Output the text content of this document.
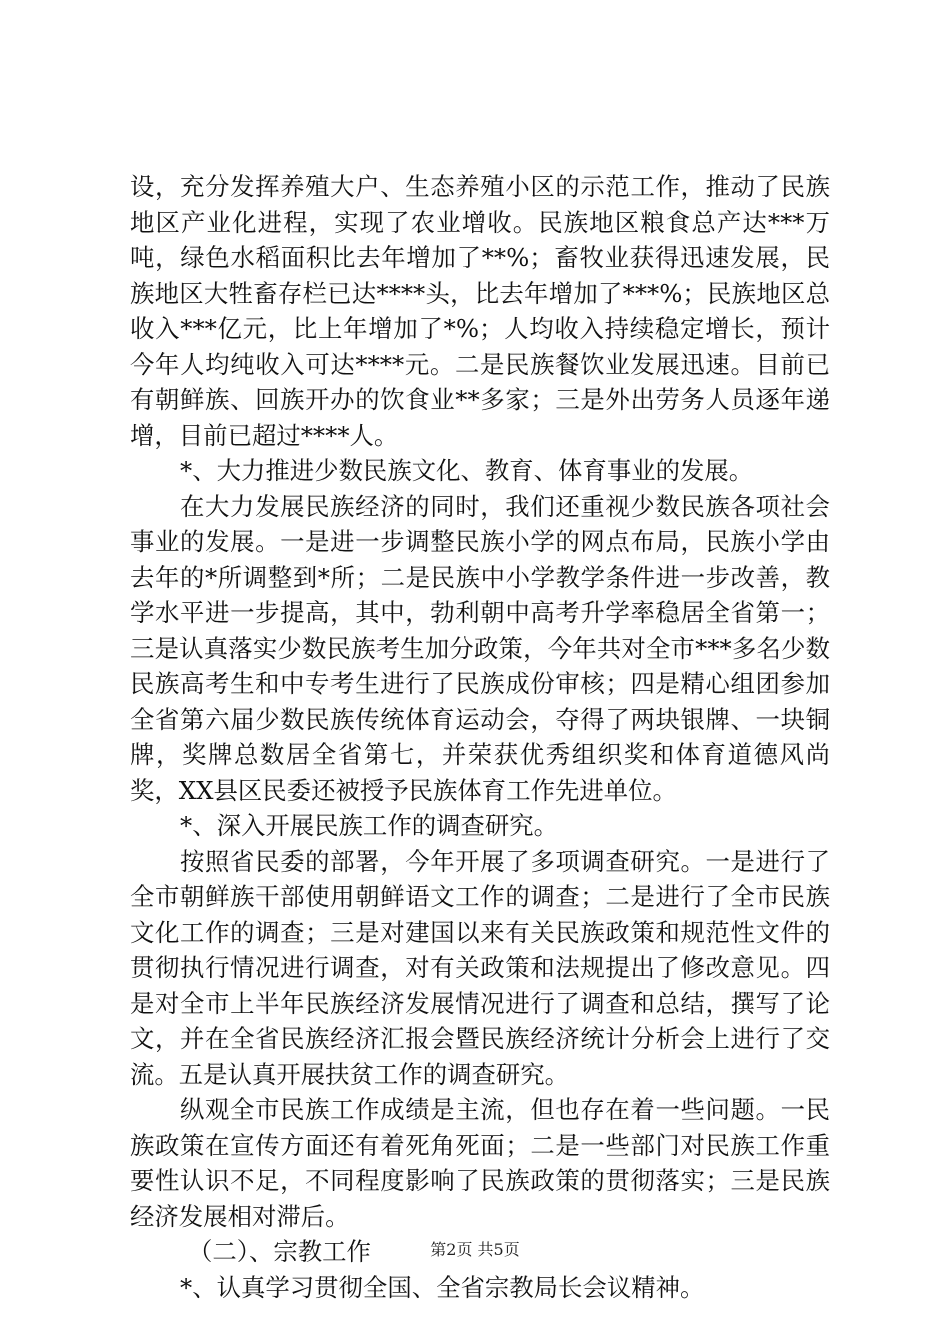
设，充分发挥养殖大户、生态养殖小区的示范工作，推动了民族地区产业化进程，实现了农业增收。民族地区粮食总产达***万吨，绿色水稻面积比去年增加了**%；畜牧业获得迅速发展，民族地区大牲畜存栏已达****头，比去年增加了***%；民族地区总收入***亿元，比上年增加了*%；人均收入持续稳定增长，预计今年人均纯收入可达****元。二是民族餐饮业发展迅速。目前已有朝鲜族、回族开办的饮食业**多家；三是外出劳务人员逐年递增，目前已超过****人。

*、大力推进少数民族文化、教育、体育事业的发展。

在大力发展民族经济的同时，我们还重视少数民族各项社会事业的发展。一是进一步调整民族小学的网点布局，民族小学由去年的*所调整到*所；二是民族中小学教学条件进一步改善，教学水平进一步提高，其中，勃利朝中高考升学率稳居全省第一；三是认真落实少数民族考生加分政策，今年共对全市***多名少数民族高考生和中专考生进行了民族成份审核；四是精心组团参加全省第六届少数民族传统体育运动会，夺得了两块银牌、一块铜牌，奖牌总数居全省第七，并荣获优秀组织奖和体育道德风尚奖，XX县区民委还被授予民族体育工作先进单位。

*、深入开展民族工作的调查研究。

按照省民委的部署，今年开展了多项调查研究。一是进行了全市朝鲜族干部使用朝鲜语文工作的调查；二是进行了全市民族文化工作的调查；三是对建国以来有关民族政策和规范性文件的贯彻执行情况进行调查，对有关政策和法规提出了修改意见。四是对全市上半年民族经济发展情况进行了调查和总结，撰写了论文，并在全省民族经济汇报会暨民族经济统计分析会上进行了交流。五是认真开展扶贫工作的调查研究。

纵观全市民族工作成绩是主流，但也存在着一些问题。一民族政策在宣传方面还有着死角死面；二是一些部门对民族工作重要性认识不足，不同程度影响了民族政策的贯彻落实；三是民族经济发展相对滞后。

（二）、宗教工作

*、认真学习贯彻全国、全省宗教局长会议精神。

第2页 共5页
